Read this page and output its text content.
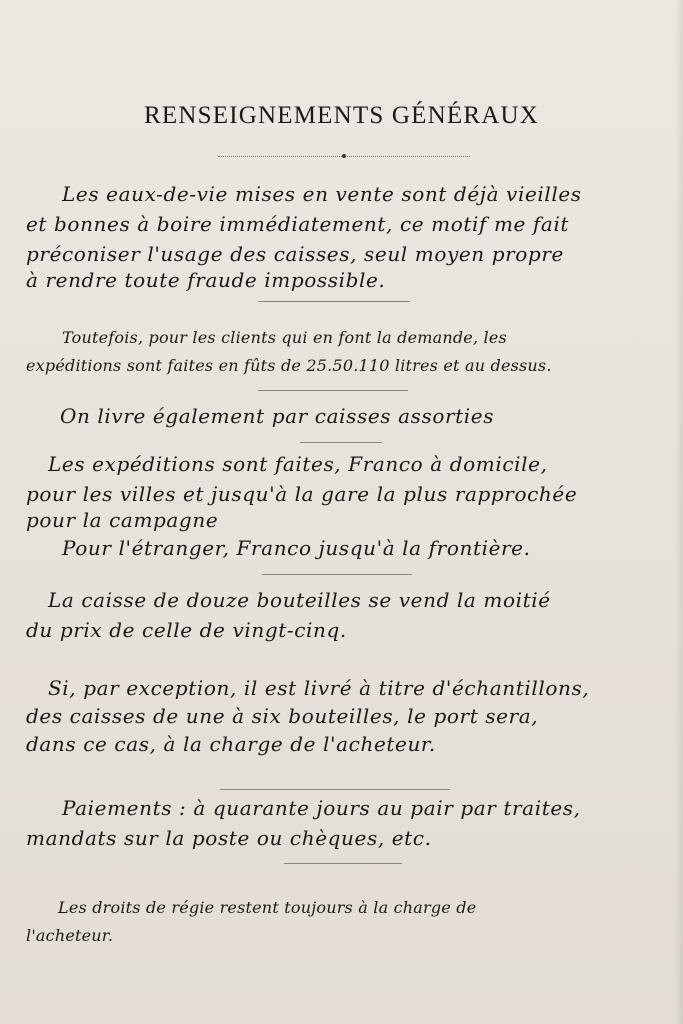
RENSEIGNEMENTS GÉNÉRAUX
Les eaux-de-vie mises en vente sont déjà vieilles
et bonnes à boire immédiatement, ce motif me fait
préconiser l'usage des caisses, seul moyen propre
à rendre toute fraude impossible.
Toutefois, pour les clients qui en font la demande, les
expéditions sont faites en fûts de 25.50.110 litres et au dessus.
On livre également par caisses assorties
Les expéditions sont faites, Franco à domicile,
pour les villes et jusqu'à la gare la plus rapprochée
pour la campagne
Pour l'étranger, Franco jusqu'à la frontière.
La caisse de douze bouteilles se vend la moitié
du prix de celle de vingt-cinq.
Si, par exception, il est livré à titre d'échantillons,
des caisses de une à six bouteilles, le port sera,
dans ce cas, à la charge de l'acheteur.
Paiements : à quarante jours au pair par traites,
mandats sur la poste ou chèques, etc.
Les droits de régie restent toujours à la charge de
l'acheteur.
